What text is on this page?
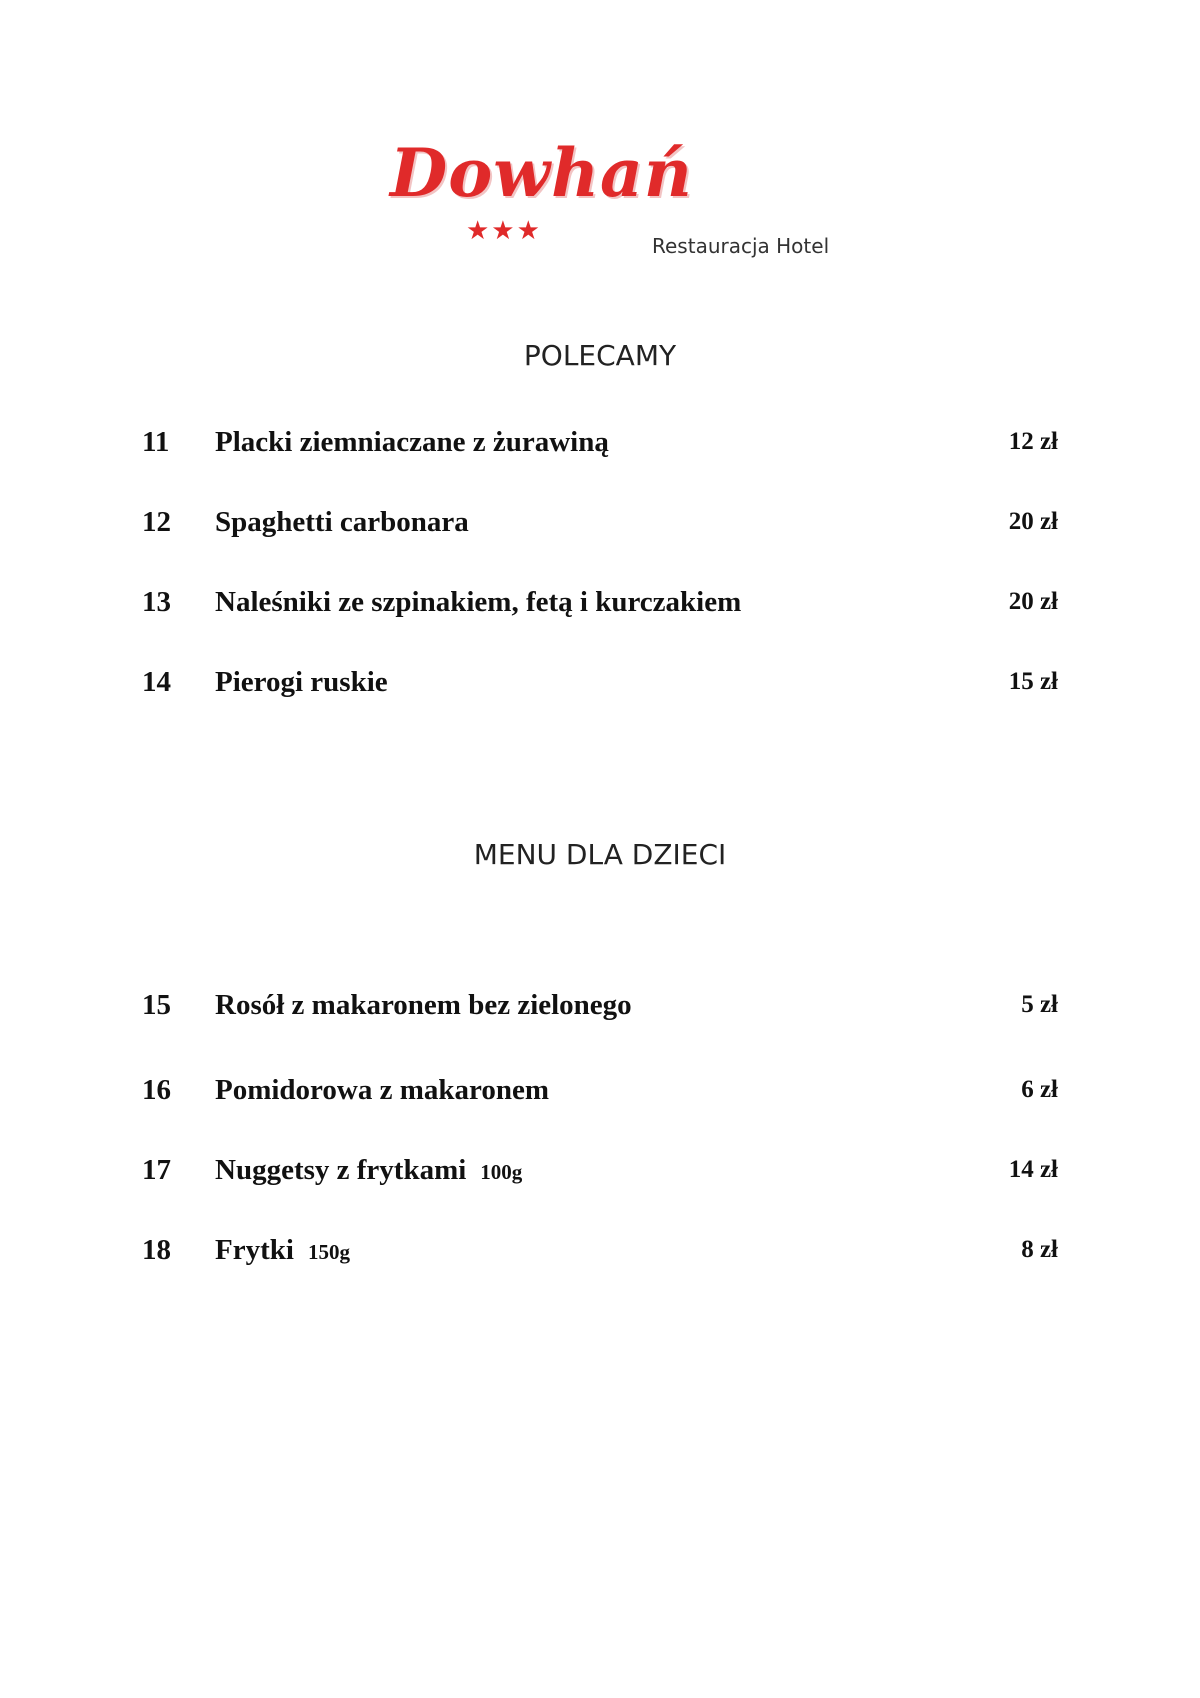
Dowhań
★★★	Restauracja Hotel
POLECAMY
11 Placki ziemniaczane z żurawiną	12 zł
12 Spaghetti carbonara	20 zł
13 Naleśniki ze szpinakiem, fetą i kurczakiem	20 zł
14 Pierogi ruskie	15 zł
MENU DLA DZIECI
15 Rosół z makaronem bez zielonego	5 zł
16 Pomidorowa z makaronem	6 zł
17 Nuggetsy z frytkami 100g	14 zł
18 Frytki 150g	8 zł
